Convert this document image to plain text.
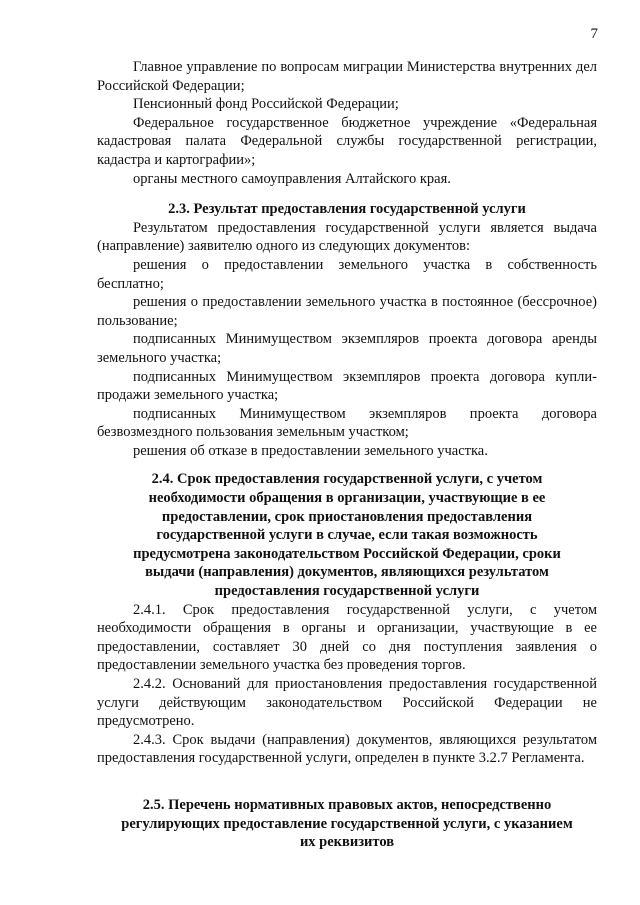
7

Главное управление по вопросам миграции Министерства внутренних дел Российской Федерации;

Пенсионный фонд Российской Федерации;

Федеральное государственное бюджетное учреждение «Федеральная кадастровая палата Федеральной службы государственной регистрации, кадастра и картографии»;

органы местного самоуправления Алтайского края.

2.3. Результат предоставления государственной услуги

Результатом предоставления государственной услуги является выдача (направление) заявителю одного из следующих документов:

решения о предоставлении земельного участка в собственность бесплатно;

решения о предоставлении земельного участка в постоянное (бессрочное) пользование;

подписанных Минимуществом экземпляров проекта договора аренды земельного участка;

подписанных Минимуществом экземпляров проекта договора купли-продажи земельного участка;

подписанных Минимуществом экземпляров проекта договора безвозмездного пользования земельным участком;

решения об отказе в предоставлении земельного участка.

2.4. Срок предоставления государственной услуги, с учетом необходимости обращения в организации, участвующие в ее предоставлении, срок приостановления предоставления государственной услуги в случае, если такая возможность предусмотрена законодательством Российской Федерации, сроки выдачи (направления) документов, являющихся результатом предоставления государственной услуги

2.4.1. Срок предоставления государственной услуги, с учетом необходимости обращения в органы и организации, участвующие в ее предоставлении, составляет 30 дней со дня поступления заявления о предоставлении земельного участка без проведения торгов.

2.4.2. Оснований для приостановления предоставления государственной услуги действующим законодательством Российской Федерации не предусмотрено.

2.4.3. Срок выдачи (направления) документов, являющихся результатом предоставления государственной услуги, определен в пункте 3.2.7 Регламента.

2.5. Перечень нормативных правовых актов, непосредственно регулирующих предоставление государственной услуги, с указанием их реквизитов
